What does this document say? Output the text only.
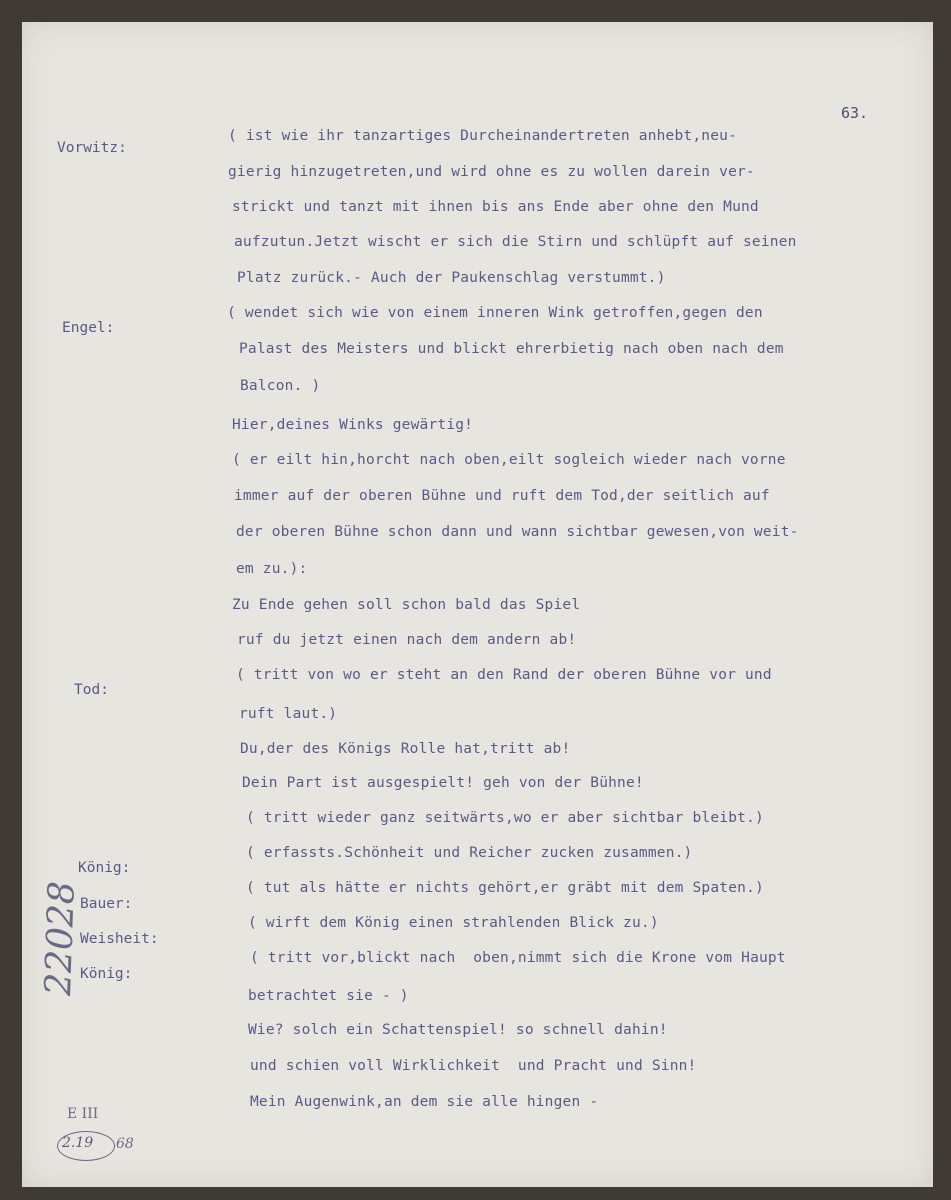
63.
Vorwitz:
Engel:
Tod:
König:
Bauer:
Weisheit:
König:
( ist wie ihr tanzartiges Durcheinandertreten anhebt,neu-
gierig hinzugetreten,und wird ohne es zu wollen darein ver-
strickt und tanzt mit ihnen bis ans Ende aber ohne den Mund
aufzutun.Jetzt wischt er sich die Stirn und schlüpft auf seinen
Platz zurück.- Auch der Paukenschlag verstummt.)
( wendet sich wie von einem inneren Wink getroffen,gegen den
Palast des Meisters und blickt ehrerbietig nach oben nach dem
Balcon. )
Hier,deines Winks gewärtig!
( er eilt hin,horcht nach oben,eilt sogleich wieder nach vorne
immer auf der oberen Bühne und ruft dem Tod,der seitlich auf
der oberen Bühne schon dann und wann sichtbar gewesen,von weit-
em zu.):
Zu Ende gehen soll schon bald das Spiel
ruf du jetzt einen nach dem andern ab!
( tritt von wo er steht an den Rand der oberen Bühne vor und
ruft laut.)
Du,der des Königs Rolle hat,tritt ab!
Dein Part ist ausgespielt! geh von der Bühne!
( tritt wieder ganz seitwärts,wo er aber sichtbar bleibt.)
( erfassts.Schönheit und Reicher zucken zusammen.)
( tut als hätte er nichts gehört,er gräbt mit dem Spaten.)
( wirft dem König einen strahlenden Blick zu.)
( tritt vor,blickt nach  oben,nimmt sich die Krone vom Haupt
betrachtet sie - )
Wie? solch ein Schattenspiel! so schnell dahin!
und schien voll Wirklichkeit  und Pracht und Sinn!
Mein Augenwink,an dem sie alle hingen -
22028
E III
2.19 68
